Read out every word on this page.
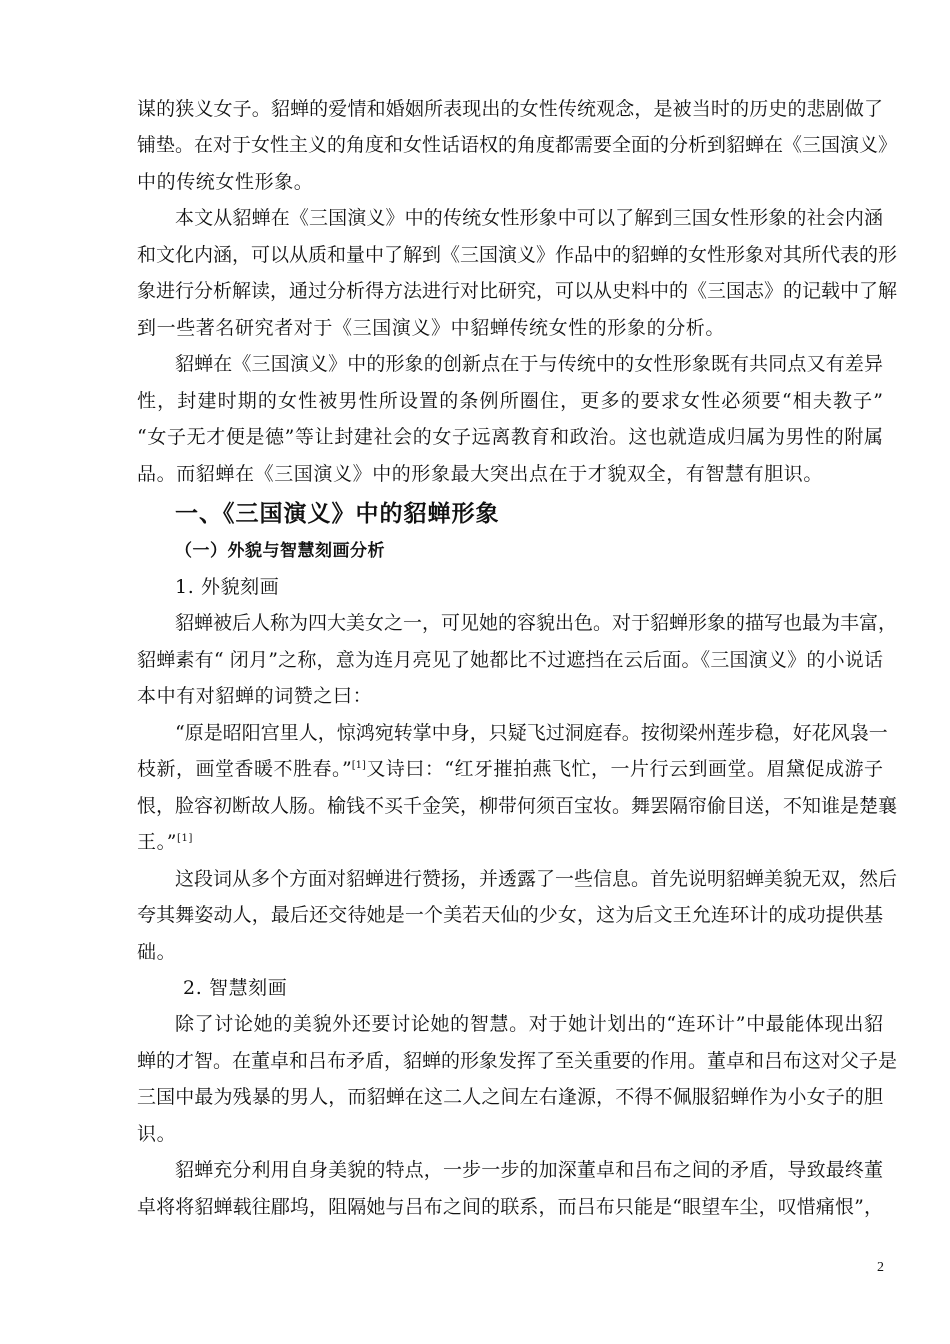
谋的狭义女子。貂蝉的爱情和婚姻所表现出的女性传统观念，是被当时的历史的悲剧做了
铺垫。在对于女性主义的角度和女性话语权的角度都需要全面的分析到貂蝉在《三国演义》
中的传统女性形象。
本文从貂蝉在《三国演义》中的传统女性形象中可以了解到三国女性形象的社会内涵
和文化内涵，可以从质和量中了解到《三国演义》作品中的貂蝉的女性形象对其所代表的形
象进行分析解读，通过分析得方法进行对比研究，可以从史料中的《三国志》的记载中了解
到一些著名研究者对于《三国演义》中貂蝉传统女性的形象的分析。
貂蝉在《三国演义》中的形象的创新点在于与传统中的女性形象既有共同点又有差异
性，封建时期的女性被男性所设置的条例所圈住，更多的要求女性必须要“相夫教子”
“女子无才便是德”等让封建社会的女子远离教育和政治。这也就造成归属为男性的附属
品。而貂蝉在《三国演义》中的形象最大突出点在于才貌双全，有智慧有胆识。
一、《三国演义》中的貂蝉形象
（一）外貌与智慧刻画分析
1. 外貌刻画
貂蝉被后人称为四大美女之一，可见她的容貌出色。对于貂蝉形象的描写也最为丰富，
貂蝉素有“ 闭月”之称，意为连月亮见了她都比不过遮挡在云后面。《三国演义》的小说话
本中有对貂蝉的词赞之曰：
“原是昭阳宫里人，惊鸿宛转掌中身，只疑飞过洞庭春。按彻梁州莲步稳，好花风袅一
枝新，画堂香暖不胜春。”[1]又诗曰：“红牙摧拍燕飞忙，一片行云到画堂。眉黛促成游子
恨，脸容初断故人肠。榆钱不买千金笑，柳带何须百宝妆。舞罢隔帘偷目送，不知谁是楚襄
王。”[1]
这段词从多个方面对貂蝉进行赞扬，并透露了一些信息。首先说明貂蝉美貌无双，然后
夸其舞姿动人，最后还交待她是一个美若天仙的少女，这为后文王允连环计的成功提供基
础。
2. 智慧刻画
除了讨论她的美貌外还要讨论她的智慧。对于她计划出的“连环计”中最能体现出貂
蝉的才智。在董卓和吕布矛盾，貂蝉的形象发挥了至关重要的作用。董卓和吕布这对父子是
三国中最为残暴的男人，而貂蝉在这二人之间左右逢源，不得不佩服貂蝉作为小女子的胆
识。
貂蝉充分利用自身美貌的特点，一步一步的加深董卓和吕布之间的矛盾，导致最终董
卓将将貂蝉载往郿坞，阻隔她与吕布之间的联系，而吕布只能是“眼望车尘，叹惜痛恨”，
2
